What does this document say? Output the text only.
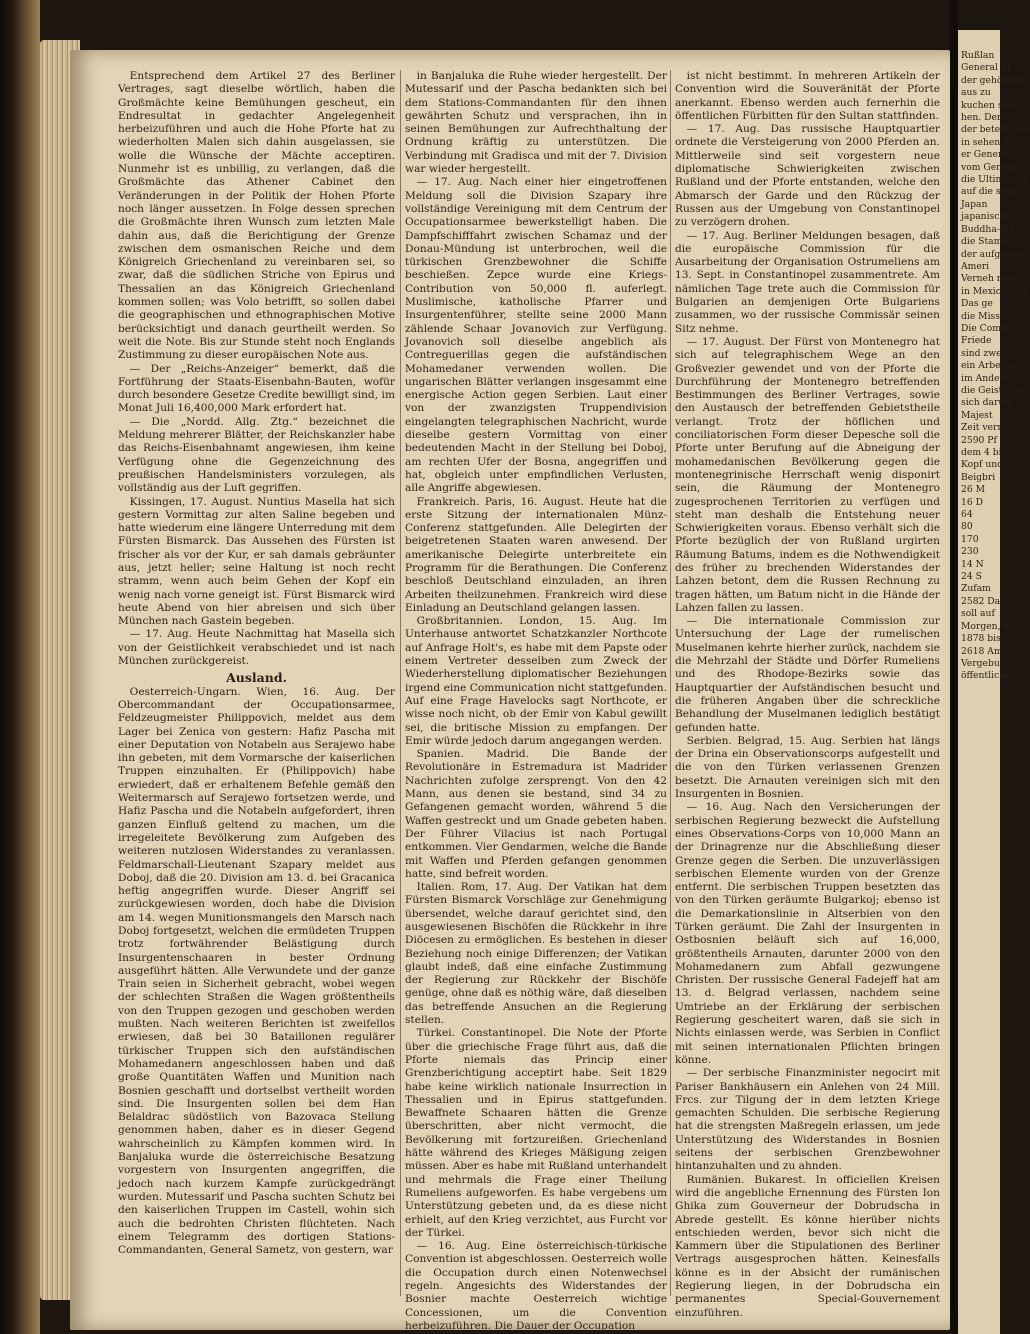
Entsprechend dem Artikel 27 des Berliner Vertrages, sagt dieselbe wörtlich, haben die Großmächte keine Bemühungen gescheut, ein Endresultat in gedachter Angelegenheit herbeizuführen und auch die Hohe Pforte hat zu wiederholten Malen sich dahin ausgelassen, sie wolle die Wünsche der Mächte acceptiren. Nunmehr ist es unbillig, zu verlangen, daß die Großmächte das Athener Cabinet den Veränderungen in der Politik der Hohen Pforte noch länger aussetzen. In Folge dessen sprechen die Großmächte ihren Wunsch zum letzten Male dahin aus, daß die Berichtigung der Grenze zwischen dem osmanischen Reiche und dem Königreich Griechenland zu vereinbaren sei, so zwar, daß die südlichen Striche von Epirus und Thessalien an das Königreich Griechenland kommen sollen; was Volo betrifft, so sollen dabei die geographischen und ethnographischen Motive berücksichtigt und danach geurtheilt werden. So weit die Note. Bis zur Stunde steht noch Englands Zustimmung zu dieser europäischen Note aus.

— Der „Reichs-Anzeiger“ bemerkt, daß die Fortführung der Staats-Eisenbahn-Bauten, wofür durch besondere Gesetze Credite bewilligt sind, im Monat Juli 16,400,000 Mark erfordert hat.

— Die „Nordd. Allg. Ztg.“ bezeichnet die Meldung mehrerer Blätter, der Reichskanzler habe das Reichs-Eisenbahnamt angewiesen, ihm keine Verfügung ohne die Gegenzeichnung des preußischen Handelsministers vorzulegen, als vollständig aus der Luft gegriffen.

Kissingen, 17. August. Nuntius Masella hat sich gestern Vormittag zur alten Saline begeben und hatte wiederum eine längere Unterredung mit dem Fürsten Bismarck. Das Aussehen des Fürsten ist frischer als vor der Kur, er sah damals gebräunter aus, jetzt heller; seine Haltung ist noch recht stramm, wenn auch beim Gehen der Kopf ein wenig nach vorne geneigt ist. Fürst Bismarck wird heute Abend von hier abreisen und sich über München nach Gastein begeben.

— 17. Aug. Heute Nachmittag hat Masella sich von der Geistlichkeit verabschiedet und ist nach München zurückgereist.

Ausland.

Oesterreich-Ungarn. Wien, 16. Aug. Der Obercommandant der Occupationsarmee, Feldzeugmeister Philippovich, meldet aus dem Lager bei Zenica von gestern: Hafiz Pascha mit einer Deputation von Notabeln aus Serajewo habe ihn gebeten, mit dem Vormarsche der kaiserlichen Truppen einzuhalten. Er (Philippovich) habe erwiedert, daß er erhaltenem Befehle gemäß den Weitermarsch auf Serajewo fortsetzen werde, und Hafiz Pascha und die Notabeln aufgefordert, ihren ganzen Einfluß geltend zu machen, um die irregeleitete Bevölkerung zum Aufgeben des weiteren nutzlosen Widerstandes zu veranlassen. Feldmarschall-Lieutenant Szapary meldet aus Doboj, daß die 20. Division am 13. d. bei Gracanica heftig angegriffen wurde. Dieser Angriff sei zurückgewiesen worden, doch habe die Division am 14. wegen Munitionsmangels den Marsch nach Doboj fortgesetzt, welchen die ermüdeten Truppen trotz fortwährender Belästigung durch Insurgentenschaaren in bester Ordnung ausgeführt hätten. Alle Verwundete und der ganze Train seien in Sicherheit gebracht, wobei wegen der schlechten Straßen die Wagen größtentheils von den Truppen gezogen und geschoben werden mußten. Nach weiteren Berichten ist zweifellos erwiesen, daß bei 30 Bataillonen regulärer türkischer Truppen sich den aufständischen Mohamedanern angeschlossen haben und daß große Quantitäten Waffen und Munition nach Bosnien geschafft und dortselbst vertheilt worden sind. Die Insurgenten sollen bei dem Han Belaldrac südöstlich von Bazovaca Stellung genommen haben, daher es in dieser Gegend wahrscheinlich zu Kämpfen kommen wird. In Banjaluka wurde die österreichische Besatzung vorgestern von Insurgenten angegriffen, die jedoch nach kurzem Kampfe zurückgedrängt wurden. Mutessarif und Pascha suchten Schutz bei den kaiserlichen Truppen im Castell, wohin sich auch die bedrohten Christen flüchteten. Nach einem Telegramm des dortigen Stations-Commandanten, General Sametz, von gestern, war

in Banjaluka die Ruhe wieder hergestellt. Der Mutessarif und der Pascha bedankten sich bei dem Stations-Commandanten für den ihnen gewährten Schutz und versprachen, ihn in seinen Bemühungen zur Aufrechthaltung der Ordnung kräftig zu unterstützen. Die Verbindung mit Gradisca und mit der 7. Division war wieder hergestellt.

— 17. Aug. Nach einer hier eingetroffenen Meldung soll die Division Szapary ihre vollständige Vereinigung mit dem Centrum der Occupationsarmee bewerkstelligt haben. Die Dampfschifffahrt zwischen Schamaz und der Donau-Mündung ist unterbrochen, weil die türkischen Grenzbewohner die Schiffe beschießen. Zepce wurde eine Kriegs-Contribution von 50,000 fl. auferlegt. Muslimische, katholische Pfarrer und Insurgentenführer, stellte seine 2000 Mann zählende Schaar Jovanovich zur Verfügung. Jovanovich soll dieselbe angeblich als Contreguerillas gegen die aufständischen Mohamedaner verwenden wollen. Die ungarischen Blätter verlangen insgesammt eine energische Action gegen Serbien. Laut einer von der zwanzigsten Truppendivision eingelangten telegraphischen Nachricht, wurde dieselbe gestern Vormittag von einer bedeutenden Macht in der Stellung bei Doboj, am rechten Ufer der Bosna, angegriffen und hat, obgleich unter empfindlichen Verlusten, alle Angriffe abgewiesen.

Frankreich. Paris, 16. August. Heute hat die erste Sitzung der internationalen Münz-Conferenz stattgefunden. Alle Delegirten der beigetretenen Staaten waren anwesend. Der amerikanische Delegirte unterbreitete ein Programm für die Berathungen. Die Conferenz beschloß Deutschland einzuladen, an ihren Arbeiten theilzunehmen. Frankreich wird diese Einladung an Deutschland gelangen lassen.

Großbritannien. London, 15. Aug. Im Unterhause antwortet Schatzkanzler Northcote auf Anfrage Holt's, es habe mit dem Papste oder einem Vertreter desselben zum Zweck der Wiederherstellung diplomatischer Beziehungen irgend eine Communication nicht stattgefunden. Auf eine Frage Havelocks sagt Northcote, er wisse noch nicht, ob der Emir von Kabul gewillt sei, die britische Mission zu empfangen. Der Emir würde jedoch darum angegangen werden.

Spanien. Madrid. Die Bande der Revolutionäre in Estremadura ist Madrider Nachrichten zufolge zersprengt. Von den 42 Mann, aus denen sie bestand, sind 34 zu Gefangenen gemacht worden, während 5 die Waffen gestreckt und um Gnade gebeten haben. Der Führer Vilacius ist nach Portugal entkommen. Vier Gendarmen, welche die Bande mit Waffen und Pferden gefangen genommen hatte, sind befreit worden.

Italien. Rom, 17. Aug. Der Vatikan hat dem Fürsten Bismarck Vorschläge zur Genehmigung übersendet, welche darauf gerichtet sind, den ausgewiesenen Bischöfen die Rückkehr in ihre Diöcesen zu ermöglichen. Es bestehen in dieser Beziehung noch einige Differenzen; der Vatikan glaubt indeß, daß eine einfache Zustimmung der Regierung zur Rückkehr der Bischöfe genüge, ohne daß es nöthig wäre, daß dieselben das betreffende Ansuchen an die Regierung stellen.

Türkei. Constantinopel. Die Note der Pforte über die griechische Frage führt aus, daß die Pforte niemals das Princip einer Grenzberichtigung acceptirt habe. Seit 1829 habe keine wirklich nationale Insurrection in Thessalien und in Epirus stattgefunden. Bewaffnete Schaaren hätten die Grenze überschritten, aber nicht vermocht, die Bevölkerung mit fortzureißen. Griechenland hätte während des Krieges Mäßigung zeigen müssen. Aber es habe mit Rußland unterhandelt und mehrmals die Frage einer Theilung Rumeliens aufgeworfen. Es habe vergebens um Unterstützung gebeten und, da es diese nicht erhielt, auf den Krieg verzichtet, aus Furcht vor der Türkei.

— 16. Aug. Eine österreichisch-türkische Convention ist abgeschlossen. Oesterreich wolle die Occupation durch einen Notenwechsel regeln. Angesichts des Widerstandes der Bosnier machte Oesterreich wichtige Concessionen, um die Convention herbeizuführen. Die Dauer der Occupation

ist nicht bestimmt. In mehreren Artikeln der Convention wird die Souveränität der Pforte anerkannt. Ebenso werden auch fernerhin die öffentlichen Fürbitten für den Sultan stattfinden.

— 17. Aug. Das russische Hauptquartier ordnete die Versteigerung von 2000 Pferden an. Mittlerweile sind seit vorgestern neue diplomatische Schwierigkeiten zwischen Rußland und der Pforte entstanden, welche den Abmarsch der Garde und den Rückzug der Russen aus der Umgebung von Constantinopel zu verzögern drohen.

— 17. Aug. Berliner Meldungen besagen, daß die europäische Commission für die Ausarbeitung der Organisation Ostrumeliens am 13. Sept. in Constantinopel zusammentrete. Am nämlichen Tage trete auch die Commission für Bulgarien an demjenigen Orte Bulgariens zusammen, wo der russische Commissär seinen Sitz nehme.

— 17. August. Der Fürst von Montenegro hat sich auf telegraphischem Wege an den Großvezier gewendet und von der Pforte die Durchführung der Montenegro betreffenden Bestimmungen des Berliner Vertrages, sowie den Austausch der betreffenden Gebietstheile verlangt. Trotz der höflichen und conciliatorischen Form dieser Depesche soll die Pforte unter Berufung auf die Abneigung der mohamedanischen Bevölkerung gegen die montenegrinische Herrschaft wenig disponirt sein, die Räumung der Montenegro zugesprochenen Territorien zu verfügen und steht man deshalb die Entstehung neuer Schwierigkeiten voraus. Ebenso verhält sich die Pforte bezüglich der von Rußland urgirten Räumung Batums, indem es die Nothwendigkeit des früher zu brechenden Widerstandes der Lahzen betont, dem die Russen Rechnung zu tragen hätten, um Batum nicht in die Hände der Lahzen fallen zu lassen.

— Die internationale Commission zur Untersuchung der Lage der rumelischen Muselmanen kehrte hierher zurück, nachdem sie die Mehrzahl der Städte und Dörfer Rumeliens und des Rhodope-Bezirks sowie das Hauptquartier der Aufständischen besucht und die früheren Angaben über die schreckliche Behandlung der Muselmanen lediglich bestätigt gefunden hatte.

Serbien. Belgrad, 15. Aug. Serbien hat längs der Drina ein Observationscorps aufgestellt und die von den Türken verlassenen Grenzen besetzt. Die Arnauten vereinigen sich mit den Insurgenten in Bosnien.

— 16. Aug. Nach den Versicherungen der serbischen Regierung bezweckt die Aufstellung eines Observations-Corps von 10,000 Mann an der Drinagrenze nur die Abschließung dieser Grenze gegen die Serben. Die unzuverlässigen serbischen Elemente wurden von der Grenze entfernt. Die serbischen Truppen besetzten das von den Türken geräumte Bulgarkoj; ebenso ist die Demarkationslinie in Altserbien von den Türken geräumt. Die Zahl der Insurgenten in Ostbosnien beläuft sich auf 16,000, größtentheils Arnauten, darunter 2000 von den Mohamedanern zum Abfall gezwungene Christen. Der russische General Fadejeff hat am 13. d. Belgrad verlassen, nachdem seine Umtriebe an der Erklärung der serbischen Regierung gescheitert waren, daß sie sich in Nichts einlassen werde, was Serbien in Conflict mit seinen internationalen Pflichten bringen könne.

— Der serbische Finanzminister negocirt mit Pariser Bankhäusern ein Anlehen von 24 Mill. Frcs. zur Tilgung der in dem letzten Kriege gemachten Schulden. Die serbische Regierung hat die strengsten Maßregeln erlassen, um jede Unterstützung des Widerstandes in Bosnien seitens der serbischen Grenzbewohner hintanzuhalten und zu ahnden.

Rumänien. Bukarest. In officiellen Kreisen wird die angebliche Ernennung des Fürsten Ion Ghika zum Gouverneur der Dobrudscha in Abrede gestellt. Es könne hierüber nichts entschieden werden, bevor sich nicht die Kammern über die Stipulationen des Berliner Vertrags ausgesprochen hätten. Keinesfalls könne es in der Absicht der rumänischen Regierung liegen, in der Dobrudscha ein permanentes Special-Gouvernement einzuführen.

Rußlan
General M
der gehörigen
aus zu
kuchen sind
hen. Der
der beteiligten
in sehen it
er General
vom General
die Ultimatum
auf die seine
Japan
japanische
Buddha-Pri
die Stamm
der aufgeregt
Ameri
Verneh men
in Mexico eine
Das ge
die Mississi
Die Comm
Friede
sind zwei
ein Arbeiter
im Andere
die Geistliche
sich darum
Majest
Zeit verm
2590 Pf
dem 4 bis
Kopf und
Beigbri
26 M
16 D
64
80
170
230
14 N
24 S
Zufam
2582 Das
soll auf
Morgen, m
1878 bis
2618 Am
Vergebu
öffentliche
